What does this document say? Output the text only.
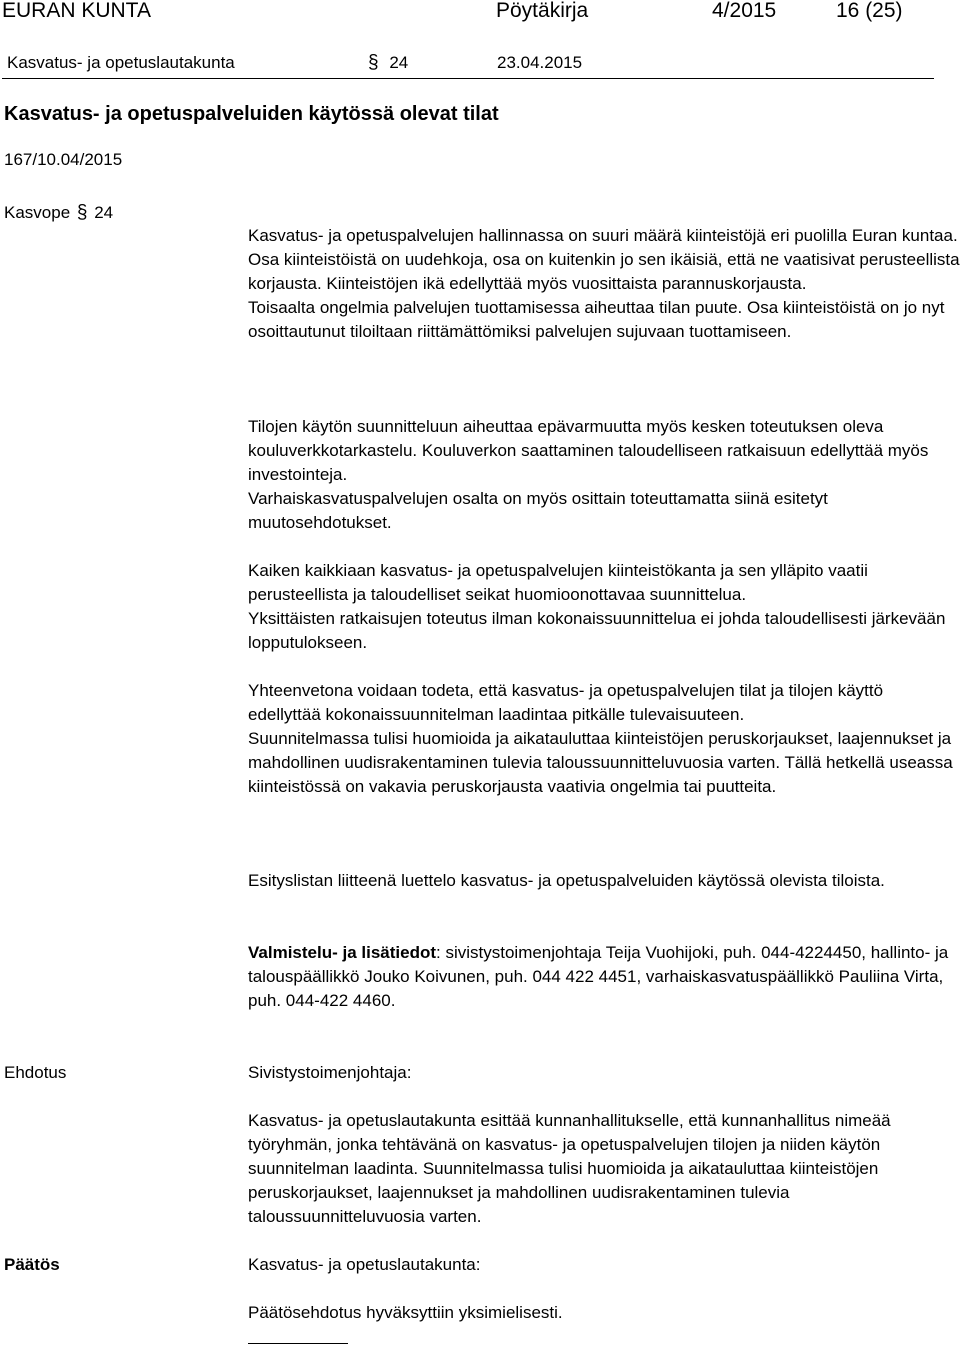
EURAN KUNTA	Pöytäkirja	4/2015	16 (25)
Kasvatus- ja opetuslautakunta	§ 24	23.04.2015
Kasvatus- ja opetuspalveluiden käytössä olevat tilat
167/10.04/2015
Kasvope § 24

Kasvatus- ja opetuspalvelujen hallinnassa on suuri määrä kiinteistöjä eri puolilla Euran kuntaa. Osa kiinteistöistä on uudehkoja, osa on kuitenkin jo sen ikäisiä, että ne vaatisivat perusteellista korjausta. Kiinteistöjen ikä edellyttää myös vuosittaista parannuskorjausta.

Toisaalta ongelmia palvelujen tuottamisessa aiheuttaa tilan puute. Osa kiinteistöistä on jo nyt osoittautunut tiloiltaan riittämättömiksi palvelujen sujuvaan tuottamiseen.

Tilojen käytön suunnitteluun aiheuttaa epävarmuutta myös kesken toteutuksen oleva kouluverkkotarkastelu. Kouluverkon saattaminen taloudelliseen ratkaisuun edellyttää myös investointeja.

Varhaiskasvatuspalvelujen osalta on myös osittain toteuttamatta siinä esitetyt muutosehdotukset.

Kaiken kaikkiaan kasvatus- ja opetuspalvelujen kiinteistökanta ja sen ylläpito vaatii perusteellista ja taloudelliset seikat huomioonottavaa suunnittelua.

Yksittäisten ratkaisujen toteutus ilman kokonaissuunnittelua ei johda taloudellisesti järkevään lopputulokseen.

Yhteenvetona voidaan todeta, että kasvatus- ja opetuspalvelujen tilat ja tilojen käyttö edellyttää kokonaissuunnitelman laadintaa pitkälle tulevaisuuteen.

Suunnitelmassa tulisi huomioida ja aikatauluttaa kiinteistöjen peruskorjaukset, laajennukset ja mahdollinen uudisrakentaminen tulevia taloussuunnitteluvuosia varten. Tällä hetkellä useassa kiinteistössä on vakavia peruskorjausta vaativia ongelmia tai puutteita.

Esityslistan liitteenä luettelo kasvatus- ja opetuspalveluiden käytössä olevista tiloista.

Valmistelu- ja lisätiedot: sivistystoimenjohtaja Teija Vuohijoki, puh. 044-4224450, hallinto- ja talouspäällikkö Jouko Koivunen, puh. 044 422 4451, varhaiskasvatuspäällikkö Pauliina Virta, puh. 044-422 4460.

Ehdotus	Sivistystoimenjohtaja:

Kasvatus- ja opetuslautakunta esittää kunnanhallitukselle, että kunnanhallitus nimeää työryhmän, jonka tehtävänä on kasvatus- ja opetuspalvelujen tilojen ja niiden käytön suunnitelman laadinta. Suunnitelmassa tulisi huomioida ja aikatauluttaa kiinteistöjen peruskorjaukset, laajennukset ja mahdollinen uudisrakentaminen tulevia taloussuunnitteluvuosia varten.

Päätös	Kasvatus- ja opetuslautakunta:
Päätösehdotus hyväksyttiin yksimielisesti.
